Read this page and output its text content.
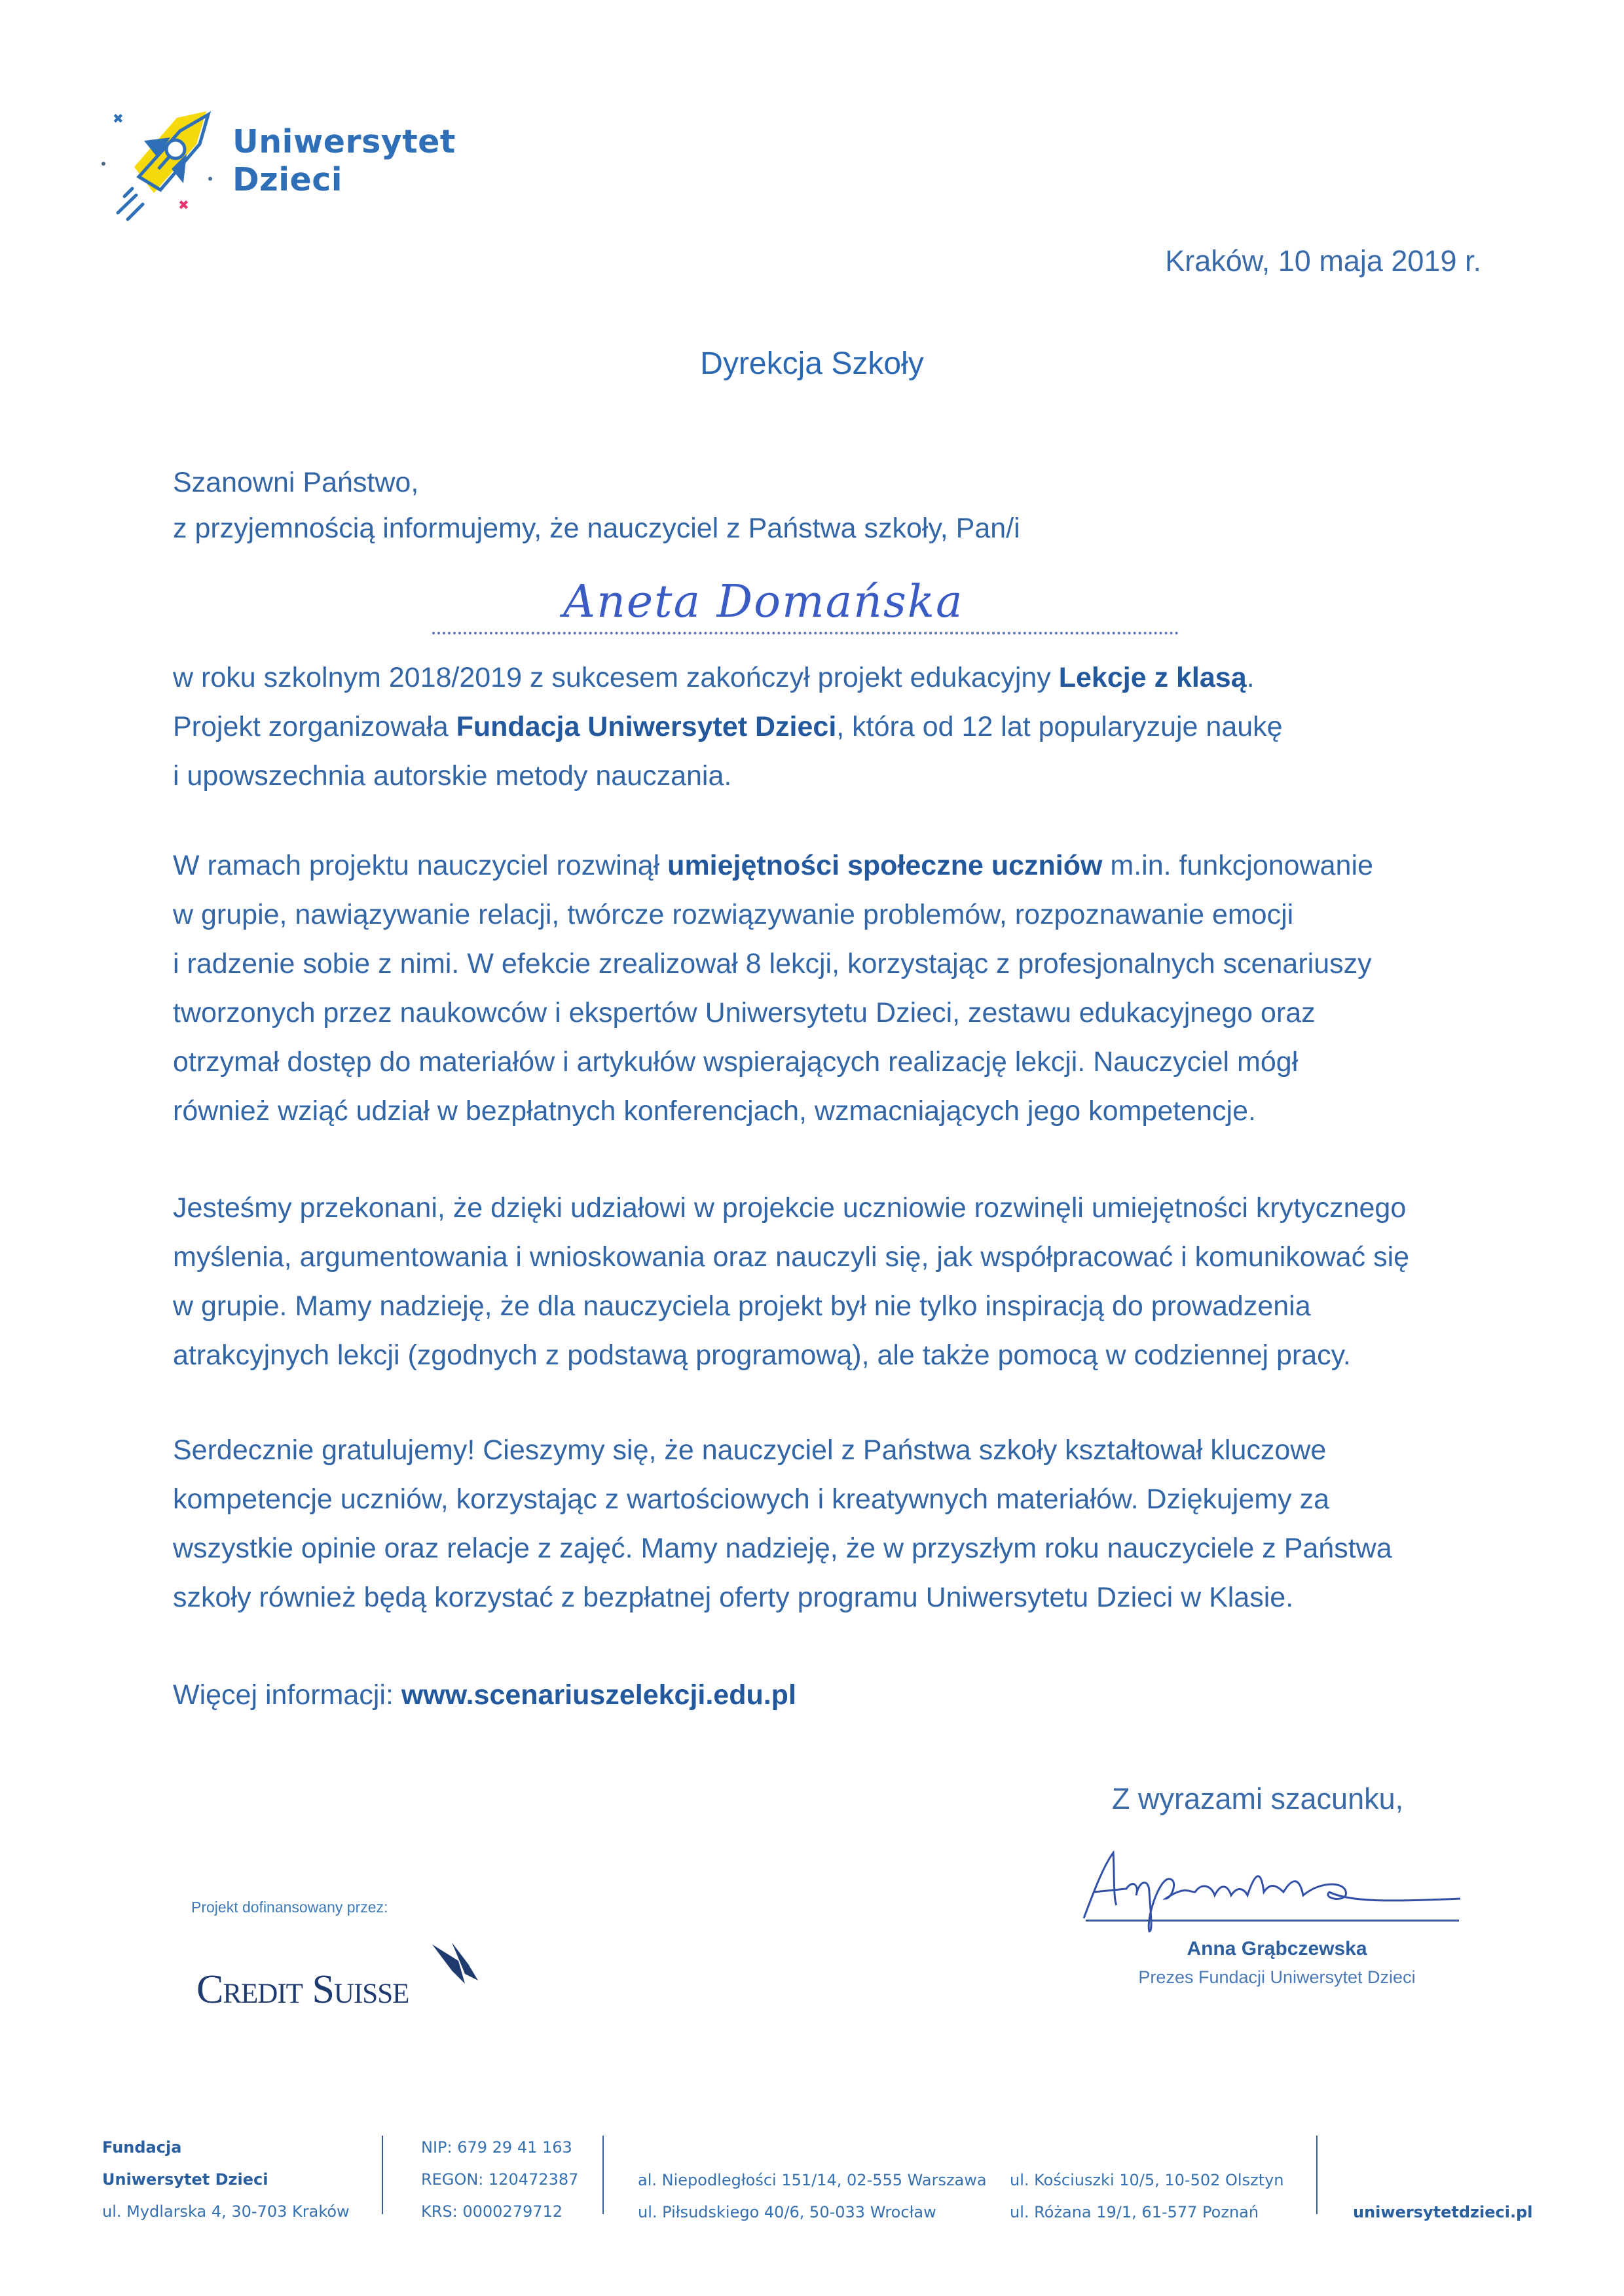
✖
✖
Uniwersytet
Dzieci
Kraków, 10 maja 2019 r.
Dyrekcja Szkoły
Szanowni Państwo,
z przyjemnością informujemy, że nauczyciel z Państwa szkoły, Pan/i
Aneta Domańska
w roku szkolnym 2018/2019 z sukcesem zakończył projekt edukacyjny Lekcje z klasą.
Projekt zorganizowała Fundacja Uniwersytet Dzieci, która od 12 lat popularyzuje naukę
i upowszechnia autorskie metody nauczania.
W ramach projektu nauczyciel rozwinął umiejętności społeczne uczniów m.in. funkcjonowanie
w grupie, nawiązywanie relacji, twórcze rozwiązywanie problemów, rozpoznawanie emocji
i radzenie sobie z nimi. W efekcie zrealizował 8 lekcji, korzystając z profesjonalnych scenariuszy
tworzonych przez naukowców i ekspertów Uniwersytetu Dzieci, zestawu edukacyjnego oraz
otrzymał dostęp do materiałów i artykułów wspierających realizację lekcji. Nauczyciel mógł
również wziąć udział w bezpłatnych konferencjach, wzmacniających jego kompetencje.
Jesteśmy przekonani, że dzięki udziałowi w projekcie uczniowie rozwinęli umiejętności krytycznego
myślenia, argumentowania i wnioskowania oraz nauczyli się, jak współpracować i komunikować się
w grupie. Mamy nadzieję, że dla nauczyciela projekt był nie tylko inspiracją do prowadzenia
atrakcyjnych lekcji (zgodnych z podstawą programową), ale także pomocą w codziennej pracy.
Serdecznie gratulujemy! Cieszymy się, że nauczyciel z Państwa szkoły kształtował kluczowe
kompetencje uczniów, korzystając z wartościowych i kreatywnych materiałów. Dziękujemy za
wszystkie opinie oraz relacje z zajęć. Mamy nadzieję, że w przyszłym roku nauczyciele z Państwa
szkoły również będą korzystać z bezpłatnej oferty programu Uniwersytetu Dzieci w Klasie.
Więcej informacji: www.scenariuszelekcji.edu.pl
Z wyrazami szacunku,
Anna Grąbczewska
Prezes Fundacji Uniwersytet Dzieci
Projekt dofinansowany przez:
Credit Suisse
Fundacja
Uniwersytet Dzieci
ul. Mydlarska 4, 30-703 Kraków
NIP: 679 29 41 163
REGON: 120472387
KRS: 0000279712
al. Niepodległości 151/14, 02-555 Warszawa
ul. Piłsudskiego 40/6, 50-033 Wrocław
ul. Kościuszki 10/5, 10-502 Olsztyn
ul. Różana 19/1, 61-577 Poznań	uniwersytetdzieci.pl
